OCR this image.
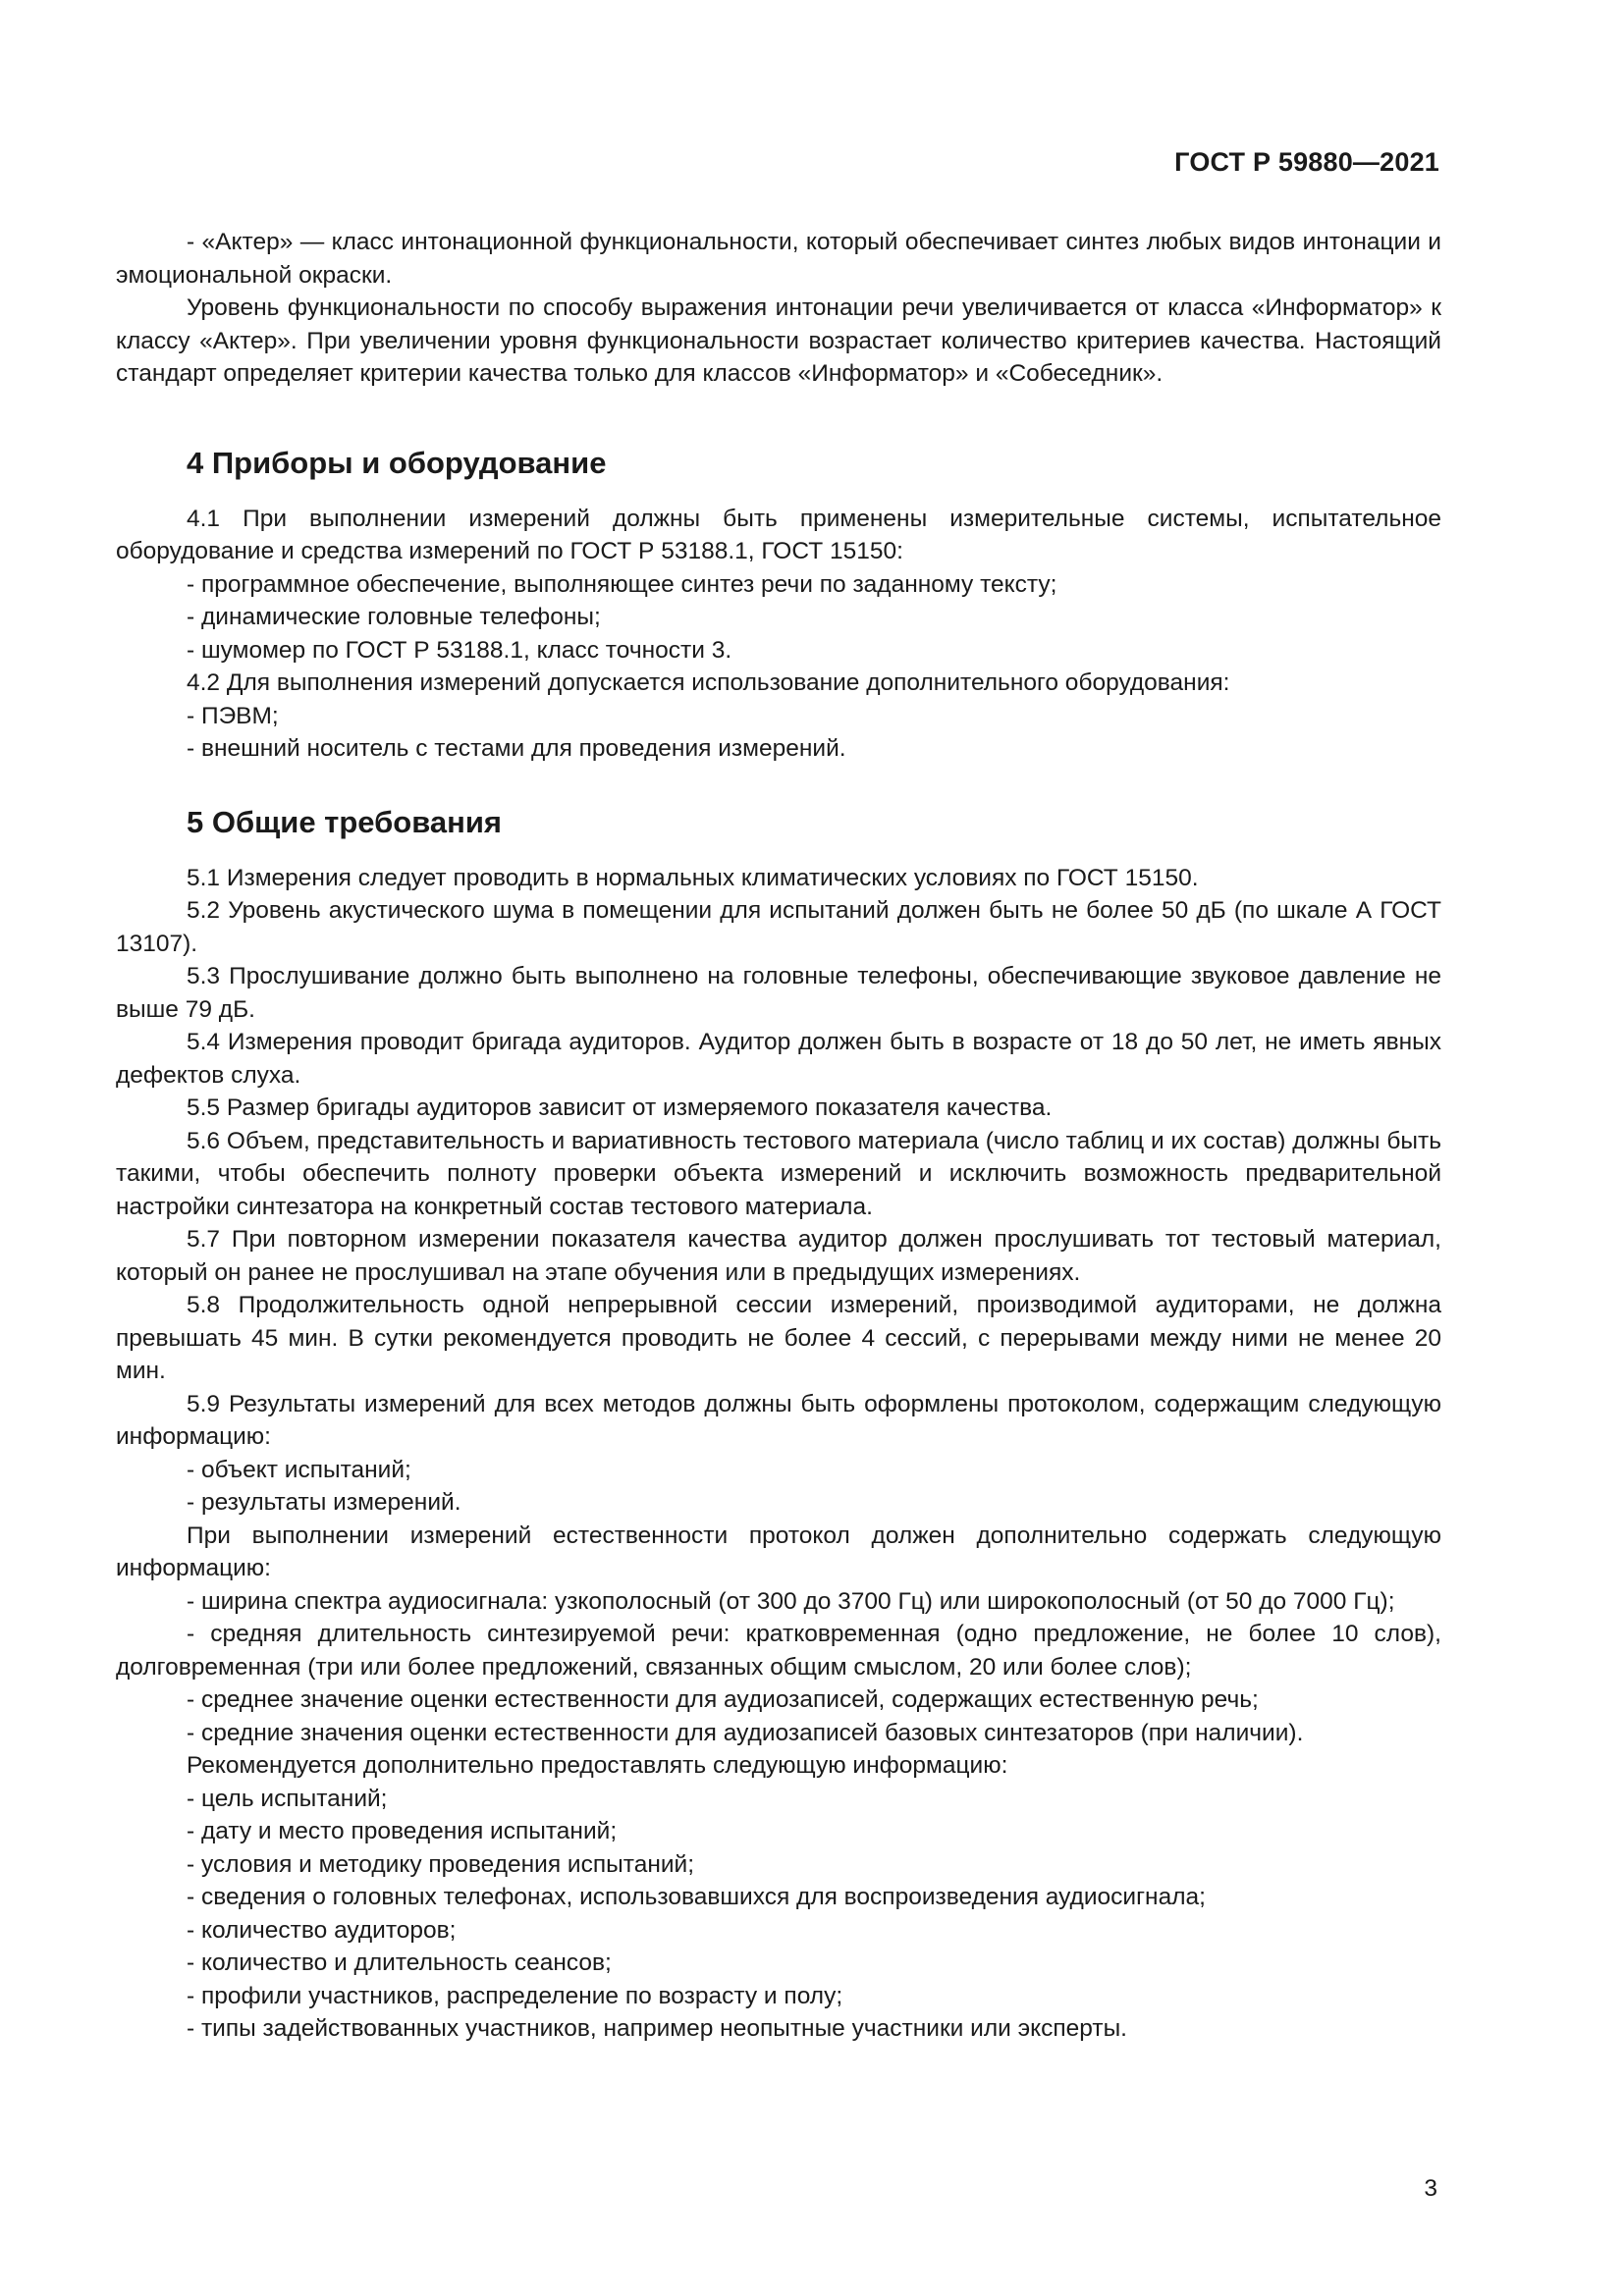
ГОСТ Р 59880—2021

- «Актер» — класс интонационной функциональности, который обеспечивает синтез любых видов интонации и эмоциональной окраски.

Уровень функциональности по способу выражения интонации речи увеличивается от класса «Информатор» к классу «Актер». При увеличении уровня функциональности возрастает количество критериев качества. Настоящий стандарт определяет критерии качества только для классов «Информатор» и «Собеседник».

4 Приборы и оборудование

4.1 При выполнении измерений должны быть применены измерительные системы, испытательное оборудование и средства измерений по ГОСТ Р 53188.1, ГОСТ 15150:

- программное обеспечение, выполняющее синтез речи по заданному тексту;

- динамические головные телефоны;

- шумомер по ГОСТ Р 53188.1, класс точности 3.

4.2 Для выполнения измерений допускается использование дополнительного оборудования:

- ПЭВМ;

- внешний носитель с тестами для проведения измерений.

5 Общие требования

5.1 Измерения следует проводить в нормальных климатических условиях по ГОСТ 15150.

5.2 Уровень акустического шума в помещении для испытаний должен быть не более 50 дБ (по шкале А ГОСТ 13107).

5.3 Прослушивание должно быть выполнено на головные телефоны, обеспечивающие звуковое давление не выше 79 дБ.

5.4 Измерения проводит бригада аудиторов. Аудитор должен быть в возрасте от 18 до 50 лет, не иметь явных дефектов слуха.

5.5 Размер бригады аудиторов зависит от измеряемого показателя качества.

5.6 Объем, представительность и вариативность тестового материала (число таблиц и их состав) должны быть такими, чтобы обеспечить полноту проверки объекта измерений и исключить возможность предварительной настройки синтезатора на конкретный состав тестового материала.

5.7 При повторном измерении показателя качества аудитор должен прослушивать тот тестовый материал, который он ранее не прослушивал на этапе обучения или в предыдущих измерениях.

5.8 Продолжительность одной непрерывной сессии измерений, производимой аудиторами, не должна превышать 45 мин. В сутки рекомендуется проводить не более 4 сессий, с перерывами между ними не менее 20 мин.

5.9 Результаты измерений для всех методов должны быть оформлены протоколом, содержащим следующую информацию:

- объект испытаний;

- результаты измерений.

При выполнении измерений естественности протокол должен дополнительно содержать следующую информацию:

- ширина спектра аудиосигнала: узкополосный (от 300 до 3700 Гц) или широкополосный (от 50 до 7000 Гц);

- средняя длительность синтезируемой речи: кратковременная (одно предложение, не более 10 слов), долговременная (три или более предложений, связанных общим смыслом, 20 или более слов);

- среднее значение оценки естественности для аудиозаписей, содержащих естественную речь;

- средние значения оценки естественности для аудиозаписей базовых синтезаторов (при наличии).

Рекомендуется дополнительно предоставлять следующую информацию:

- цель испытаний;

- дату и место проведения испытаний;

- условия и методику проведения испытаний;

- сведения о головных телефонах, использовавшихся для воспроизведения аудиосигнала;

- количество аудиторов;

- количество и длительность сеансов;

- профили участников, распределение по возрасту и полу;

- типы задействованных участников, например неопытные участники или эксперты.

3
